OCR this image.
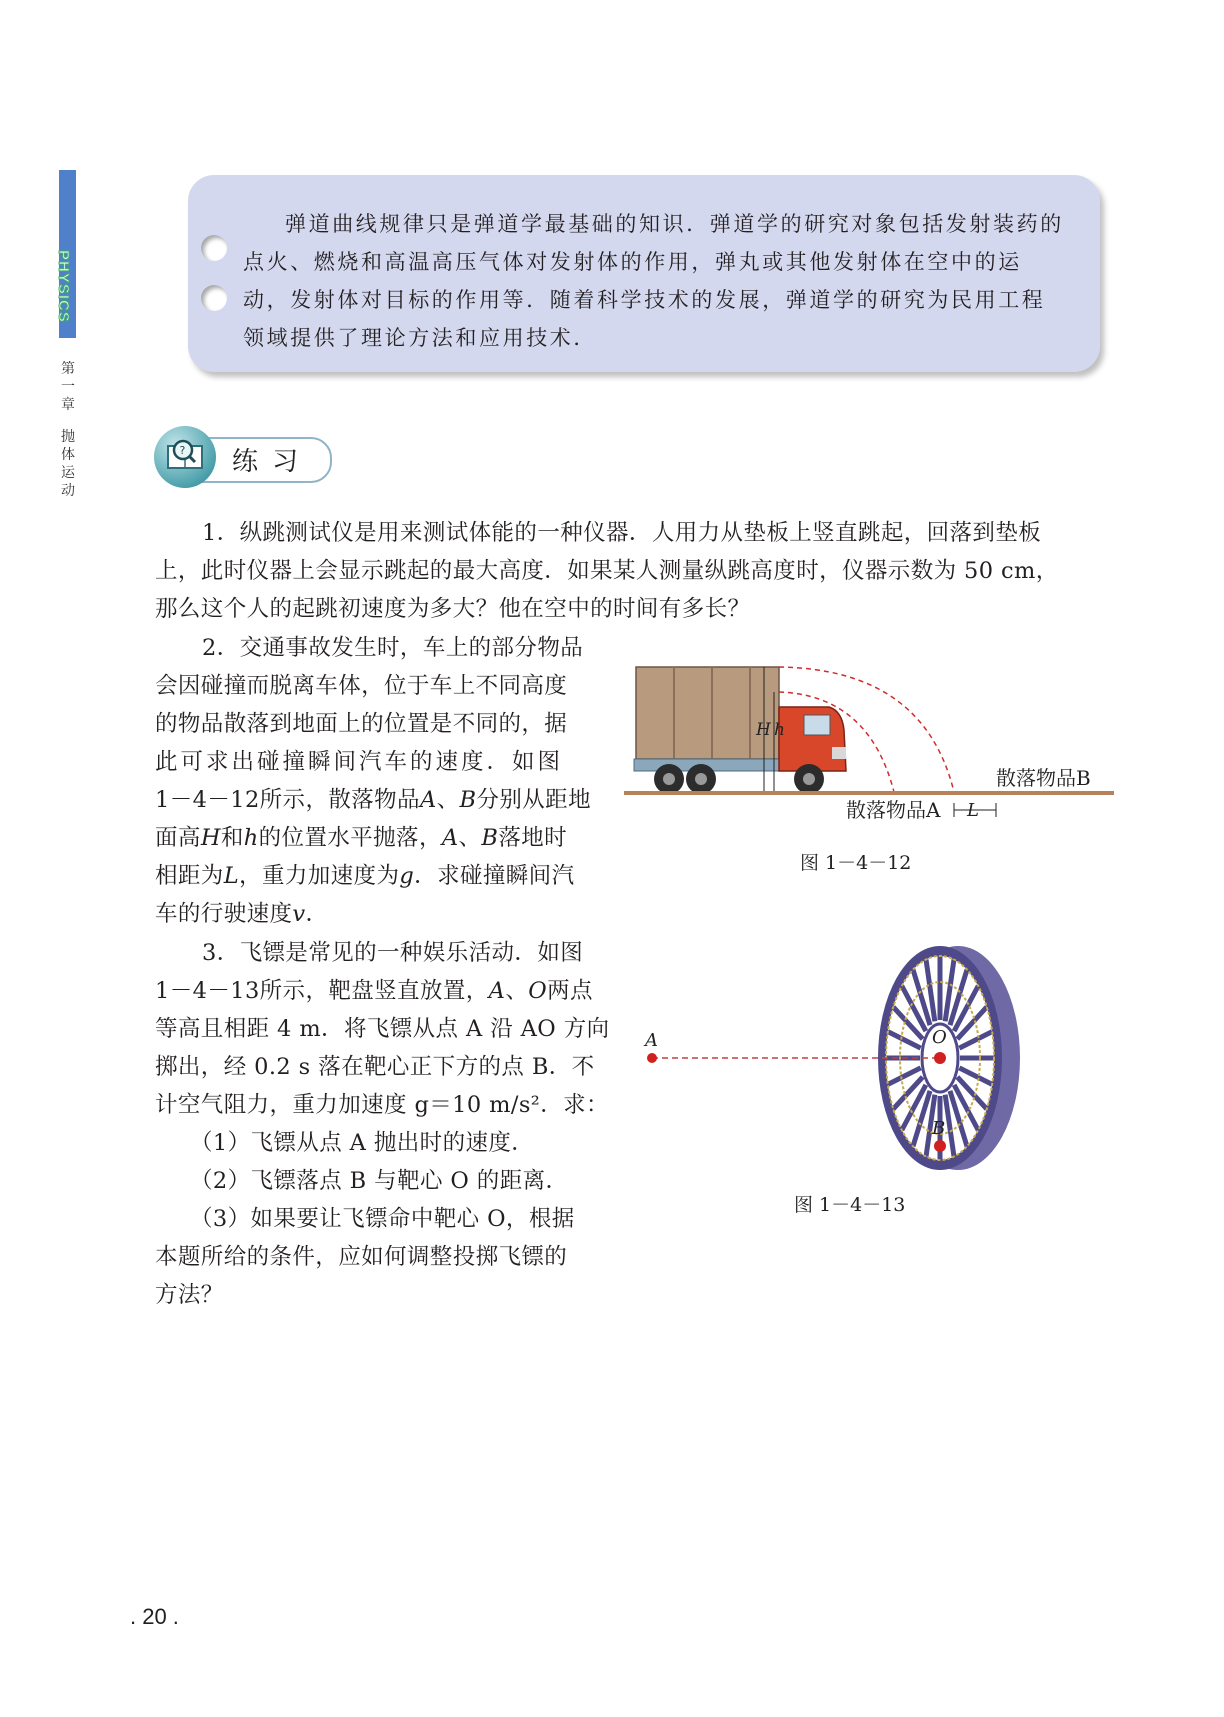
PHYSICS
第
一
章
抛
体
运
动
弹道曲线规律只是弹道学最基础的知识．弹道学的研究对象包括发射装药的点火、燃烧和高温高压气体对发射体的作用，弹丸或其他发射体在空中的运动，发射体对目标的作用等．随着科学技术的发展，弹道学的研究为民用工程领域提供了理论方法和应用技术．
? 练习

1．纵跳测试仪是用来测试体能的一种仪器．人用力从垫板上竖直跳起，回落到垫板

上，此时仪器上会显示跳起的最大高度．如果某人测量纵跳高度时，仪器示数为 50 cm，

那么这个人的起跳初速度为多大？他在空中的时间有多长？

2．交通事故发生时，车上的部分物品

会因碰撞而脱离车体，位于车上不同高度

的物品散落到地面上的位置是不同的，据

此可求出碰撞瞬间汽车的速度．如图

1－4－12所示，散落物品A、B分别从距地

面高H和h的位置水平抛落，A、B落地时

相距为L，重力加速度为g．求碰撞瞬间汽

车的行驶速度v．

3．飞镖是常见的一种娱乐活动．如图

1－4－13所示，靶盘竖直放置，A、O两点

等高且相距 4 m．将飞镖从点 A 沿 AO 方向

掷出，经 0.2 s 落在靶心正下方的点 B．不

计空气阻力，重力加速度 g＝10 m/s²．求：

（1）飞镖从点 A 抛出时的速度．

（2）飞镖落点 B 与靶心 O 的距离．

（3）如果要让飞镖命中靶心 O，根据

本题所给的条件，应如何调整投掷飞镖的

方法？

H h
散落物品B
散落物品A L
图 1－4－12
A	O
B
图 1－4－13
. 20 .
